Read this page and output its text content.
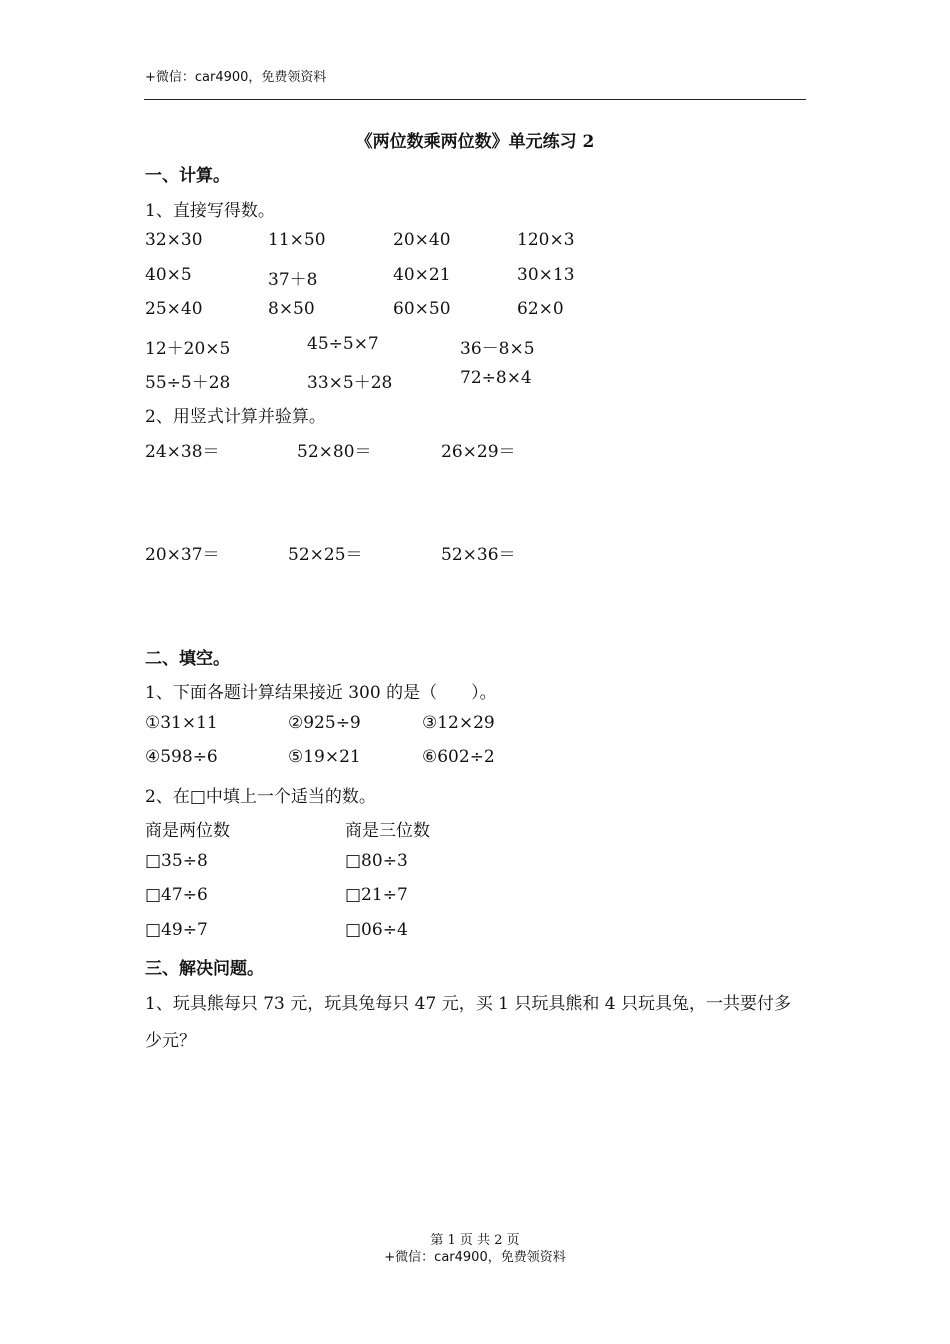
+微信：car4900，免费领资料
《两位数乘两位数》单元练习 2
一、计算。
1、直接写得数。
32×30	11×50	20×40	120×3
40×5	37＋8	40×21	30×13
25×40	8×50	60×50	62×0
12＋20×5	45÷5×7	36－8×5
55÷5＋28	33×5＋28	72÷8×4
2、用竖式计算并验算。
24×38＝	52×80＝	26×29＝
20×37＝	52×25＝	52×36＝
二、填空。
1、下面各题计算结果接近 300 的是（　　）。
①31×11	②925÷9	③12×29
④598÷6	⑤19×21	⑥602÷2
2、在□中填上一个适当的数。
商是两位数	商是三位数
□35÷8	□80÷3
□47÷6	□21÷7
□49÷7	□06÷4
三、解决问题。
1、玩具熊每只 73 元，玩具兔每只 47 元，买 1 只玩具熊和 4 只玩具兔，一共要付多
少元？
第 1 页 共 2 页
+微信：car4900，免费领资料
